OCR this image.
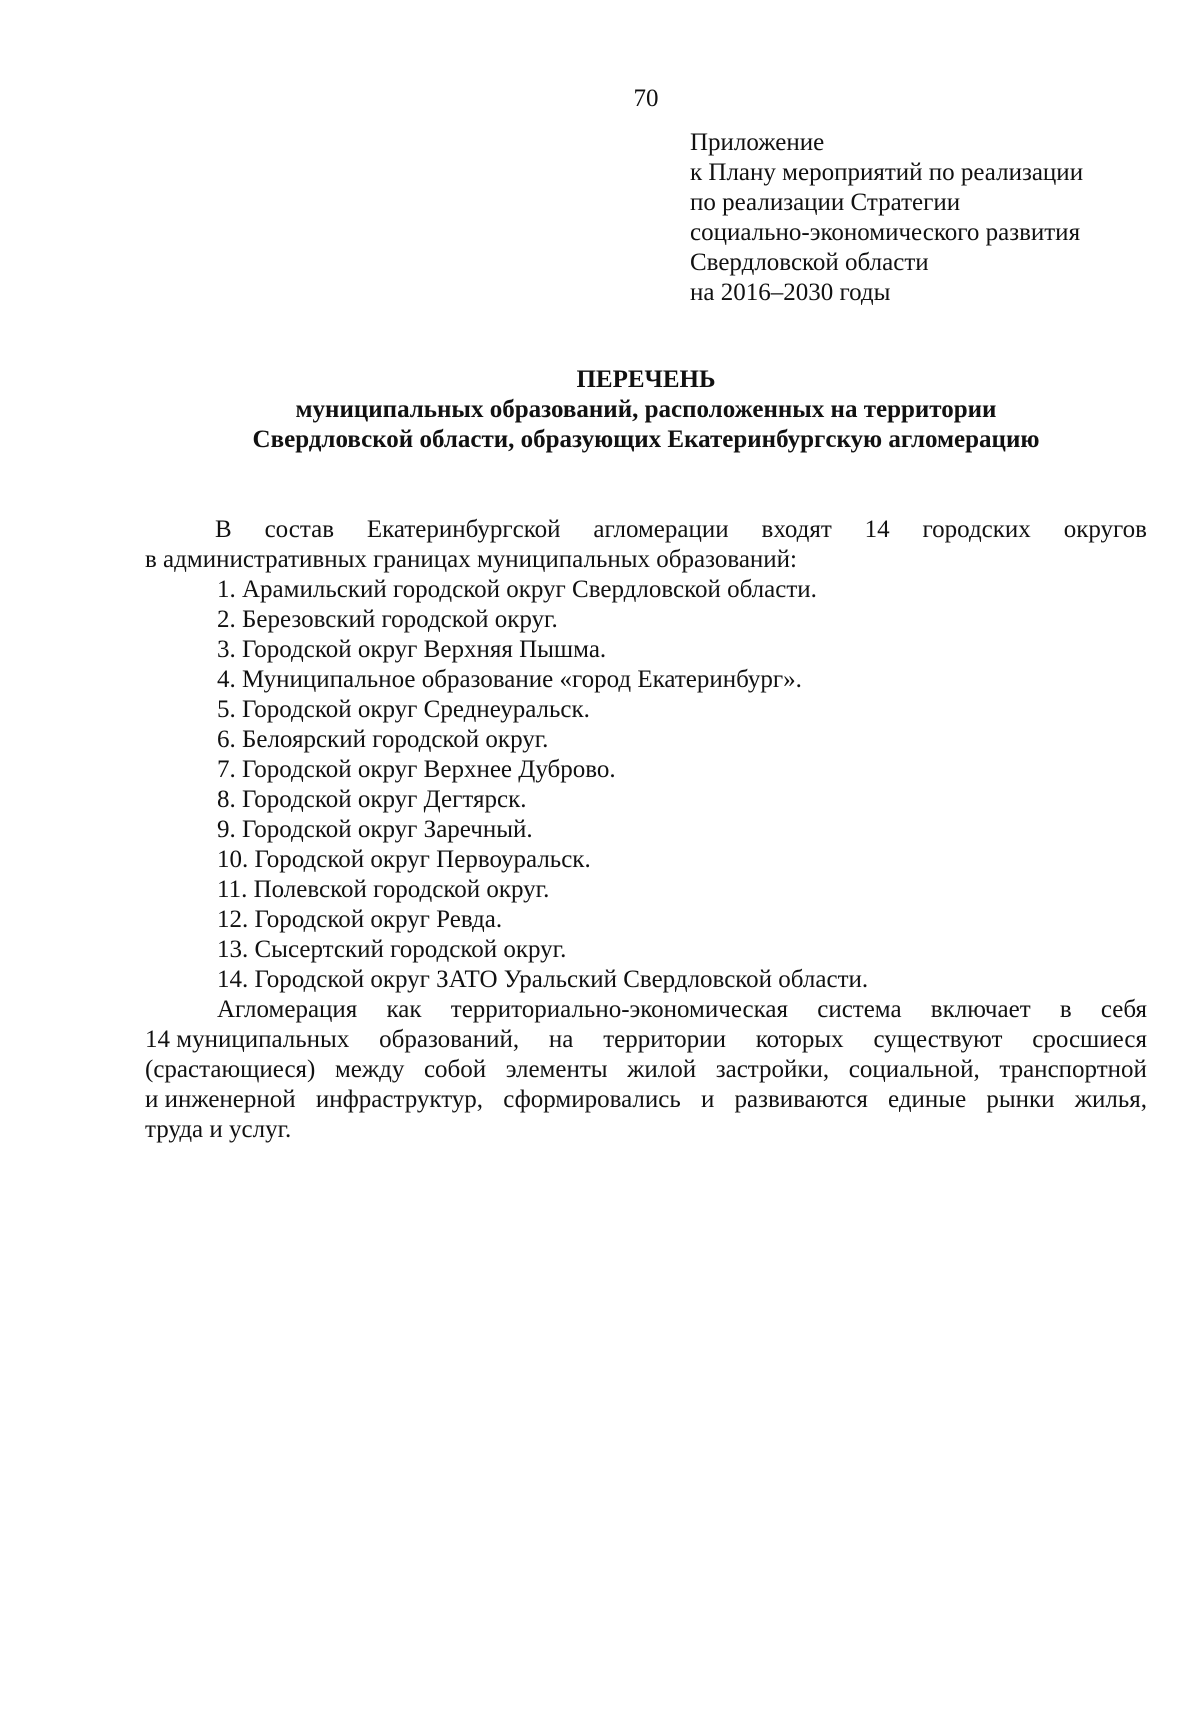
70
Приложение
к Плану мероприятий по реализации
по реализации Стратегии
социально-экономического развития
Свердловской области
на 2016–2030 годы
ПЕРЕЧЕНЬ
муниципальных образований, расположенных на территории
Свердловской области, образующих Екатеринбургскую агломерацию
В состав Екатеринбургской агломерации входят 14 городских округов
в административных границах муниципальных образований:
1. Арамильский городской округ Свердловской области.
2. Березовский городской округ.
3. Городской округ Верхняя Пышма.
4. Муниципальное образование «город Екатеринбург».
5. Городской округ Среднеуральск.
6. Белоярский городской округ.
7. Городской округ Верхнее Дуброво.
8. Городской округ Дегтярск.
9. Городской округ Заречный.
10. Городской округ Первоуральск.
11. Полевской городской округ.
12. Городской округ Ревда.
13. Сысертский городской округ.
14. Городской округ ЗАТО Уральский Свердловской области.
Агломерация как территориально-экономическая система включает в себя
14 муниципальных образований, на территории которых существуют сросшиеся
(срастающиеся) между собой элементы жилой застройки, социальной, транспортной
и инженерной инфраструктур, сформировались и развиваются единые рынки жилья,
труда и услуг.
